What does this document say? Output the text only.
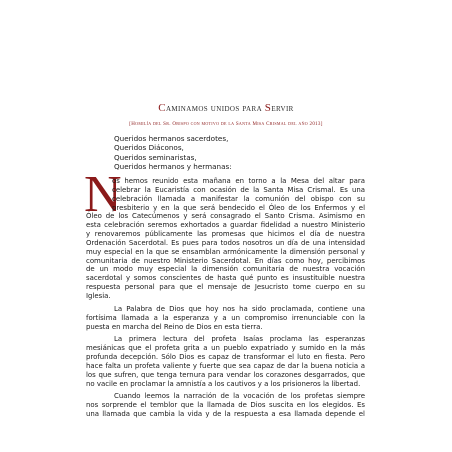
Caminamos unidos para Servir
[Homilía del Sr. Obispo con motivo de la Santa Misa Crismal del año 2013]
Queridos hermanos sacerdotes,
Queridos Diáconos,
Queridos seminaristas,
Queridos hermanos y hermanas:
N

os hemos reunido esta mañana en torno a la Mesa del altar para
celebrar la Eucaristía con ocasión de la Santa Misa Crismal. Es una
celebración llamada a manifestar la comunión del obispo con su
presbiterio y en la que será bendecido el Óleo de los Enfermos y el
Óleo de los Catecúmenos y será consagrado el Santo Crisma. Asimismo en
esta celebración seremos exhortados a guardar fidelidad a nuestro Ministerio
y renovaremos públicamente las promesas que hicimos el día de nuestra
Ordenación Sacerdotal. Es pues para todos nosotros un día de una intensidad
muy especial en la que se ensamblan armónicamente la dimensión personal y
comunitaria de nuestro Ministerio Sacerdotal. En días como hoy, percibimos
de un modo muy especial la dimensión comunitaria de nuestra vocación
sacerdotal y somos conscientes de hasta qué punto es insustituible nuestra
respuesta personal para que el mensaje de Jesucristo tome cuerpo en su
Iglesia.

La Palabra de Dios que hoy nos ha sido proclamada, contiene una
fortísima llamada a la esperanza y a un compromiso irrenunciable con la
puesta en marcha del Reino de Dios en esta tierra.

La primera lectura del profeta Isaías proclama las esperanzas
mesiánicas que el profeta grita a un pueblo expatriado y sumido en la más
profunda decepción. Sólo Dios es capaz de transformar el luto en fiesta. Pero
hace falta un profeta valiente y fuerte que sea capaz de dar la buena noticia a
los que sufren, que tenga ternura para vendar los corazones desgarrados, que
no vacile en proclamar la amnistía a los cautivos y a los prisioneros la libertad.

Cuando leemos la narración de la vocación de los profetas siempre
nos sorprende el temblor que la llamada de Dios suscita en los elegidos. Es
una llamada que cambia la vida y de la respuesta a esa llamada depende el
